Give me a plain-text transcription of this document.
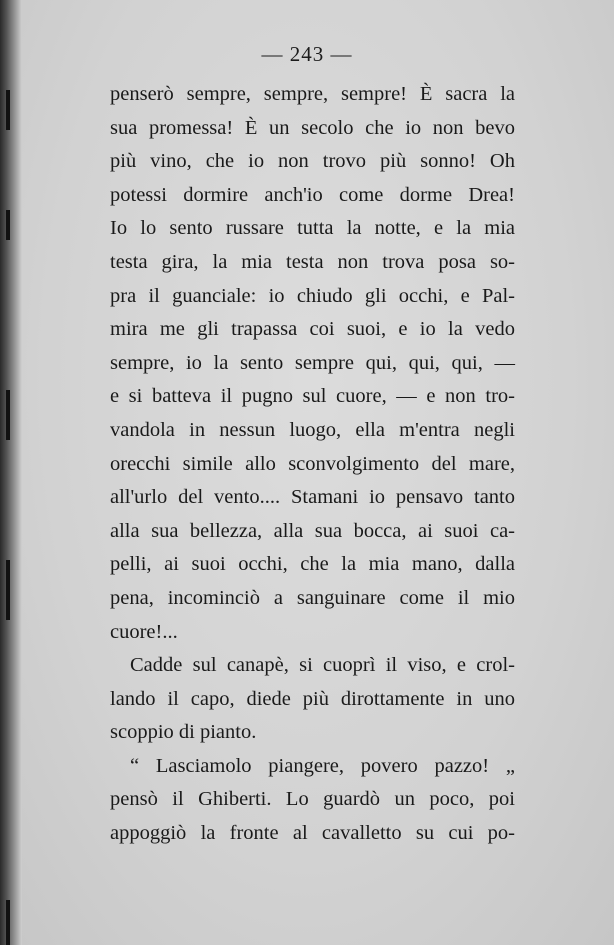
— 243 —
penserò sempre, sempre, sempre! È sacra la
sua promessa! È un secolo che io non bevo
più vino, che io non trovo più sonno! Oh
potessi dormire anch'io come dorme Drea!
Io lo sento russare tutta la notte, e la mia
testa gira, la mia testa non trova posa so-
pra il guanciale: io chiudo gli occhi, e Pal-
mira me gli trapassa coi suoi, e io la vedo
sempre, io la sento sempre qui, qui, qui, —
e si batteva il pugno sul cuore, — e non tro-
vandola in nessun luogo, ella m'entra negli
orecchi simile allo sconvolgimento del mare,
all'urlo del vento.... Stamani io pensavo tanto
alla sua bellezza, alla sua bocca, ai suoi ca-
pelli, ai suoi occhi, che la mia mano, dalla
pena, incominciò a sanguinare come il mio
cuore!...
Cadde sul canapè, si cuoprì il viso, e crol-
lando il capo, diede più dirottamente in uno
scoppio di pianto.
“ Lasciamolo piangere, povero pazzo! „
pensò il Ghiberti. Lo guardò un poco, poi
appoggiò la fronte al cavalletto su cui po-
